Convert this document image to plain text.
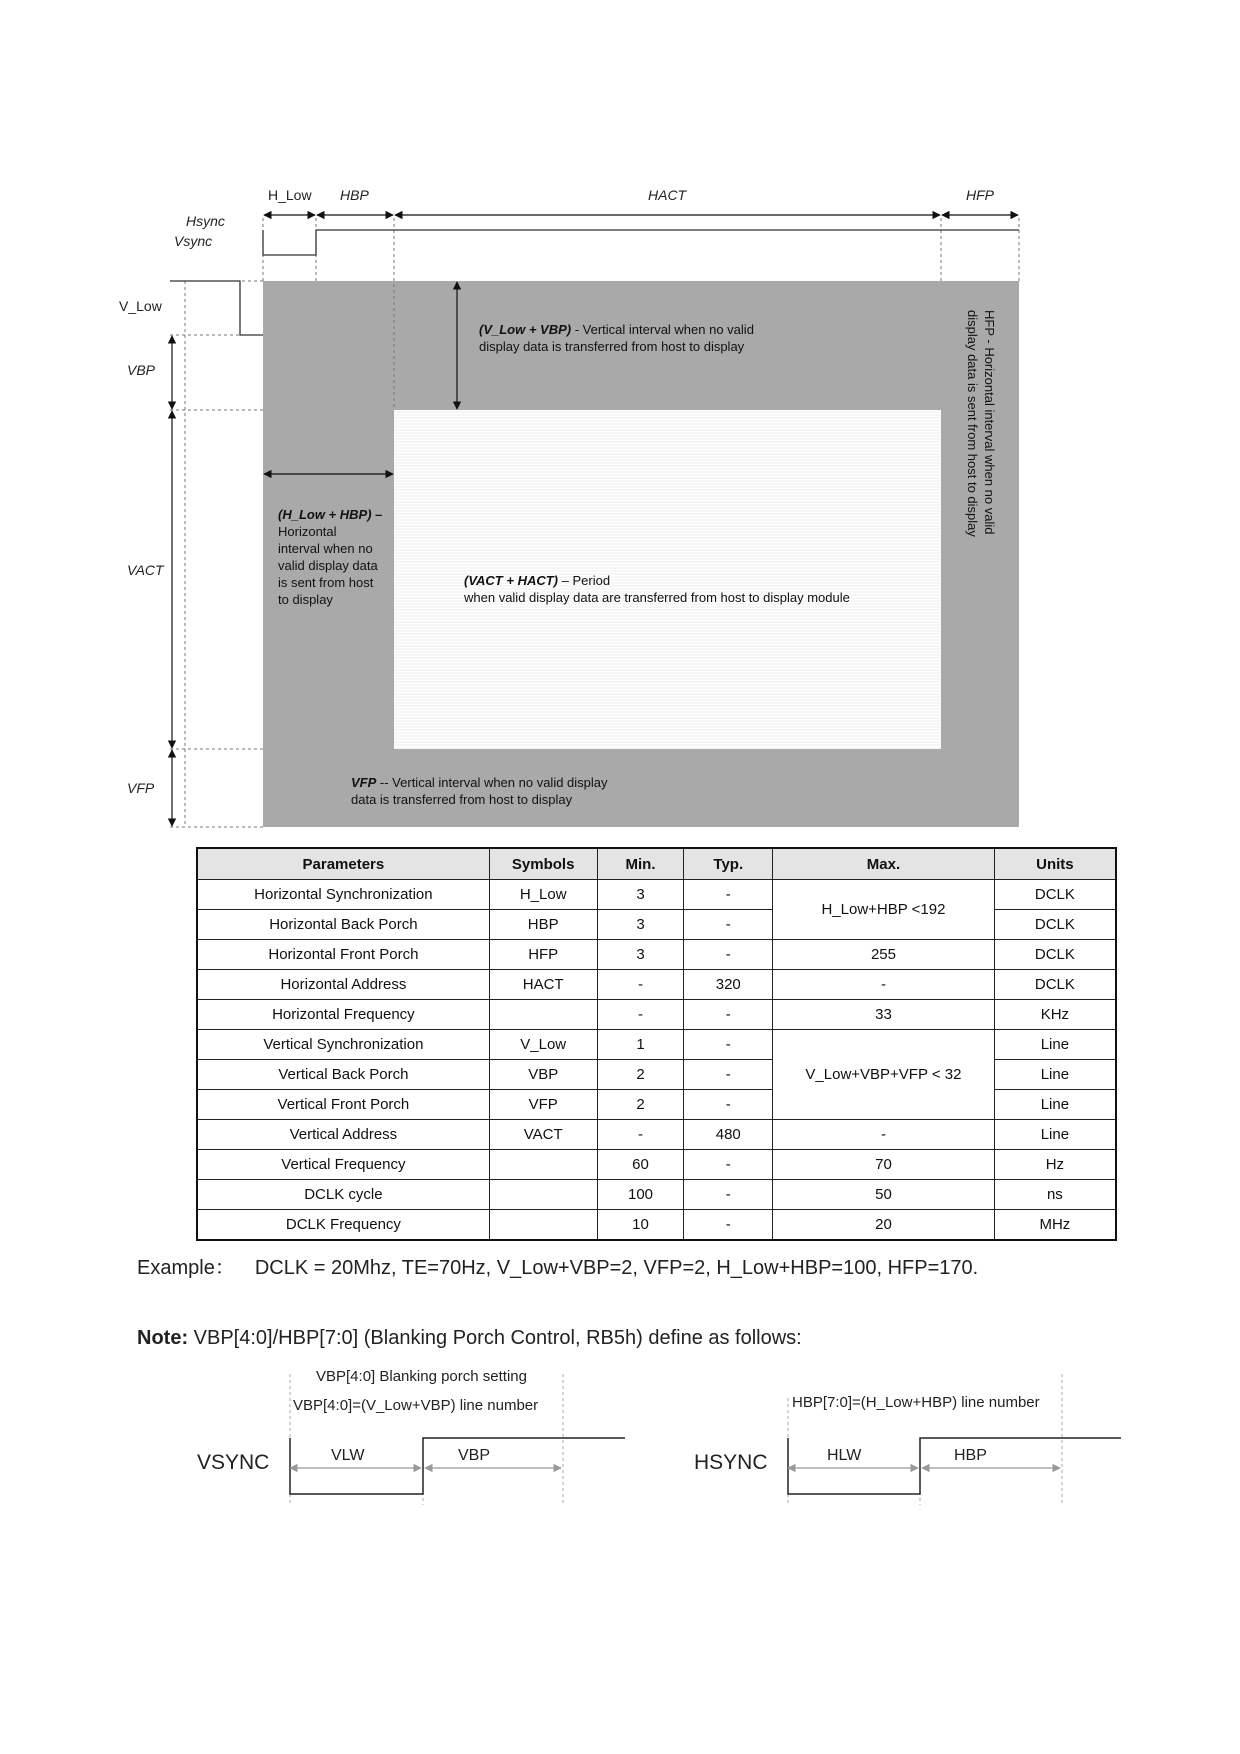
H_Low HBP	HACT	HFP
Hsync
Vsync
V_Low
VBP
VACT
VFP
(V_Low + VBP) - Vertical interval when no valid
display data is transferred from host to display
(H_Low + HBP) –
Horizontal
interval when no
valid display data
is sent from host
to display
(VACT + HACT) – Period
when valid display data are transferred from host to display module
VFP -- Vertical interval when no valid display
data is transferred from host to display
HFP - Horizontal interval when no valid
display data is sent from host to display
Parameters	Symbols	Min.	Typ.	Max.	Units
Horizontal Synchronization	H_Low	3	-	H_Low+HBP <192	DCLK
Horizontal Back Porch	HBP	3	-		DCLK
Horizontal Front Porch	HFP	3	-	255	DCLK
Horizontal Address	HACT	-	320	-	DCLK
Horizontal Frequency		-	-	33	KHz
Vertical Synchronization	V_Low	1	-	V_Low+VBP+VFP < 32	Line
Vertical Back Porch	VBP	2	-		Line
Vertical Front Porch	VFP	2	-		Line
Vertical Address	VACT	-	480	-	Line
Vertical Frequency		60	-	70	Hz
DCLK cycle		100	-	50	ns
DCLK Frequency		10	-	20	MHz
Example： DCLK = 20Mhz, TE=70Hz, V_Low+VBP=2, VFP=2, H_Low+HBP=100, HFP=170.
Note: VBP[4:0]/HBP[7:0] (Blanking Porch Control, RB5h) define as follows:
VBP[4:0] Blanking porch setting
VBP[4:0]=(V_Low+VBP) line number
VSYNC	VLW	VBP
HBP[7:0]=(H_Low+HBP) line number
HSYNC	HLW	HBP
